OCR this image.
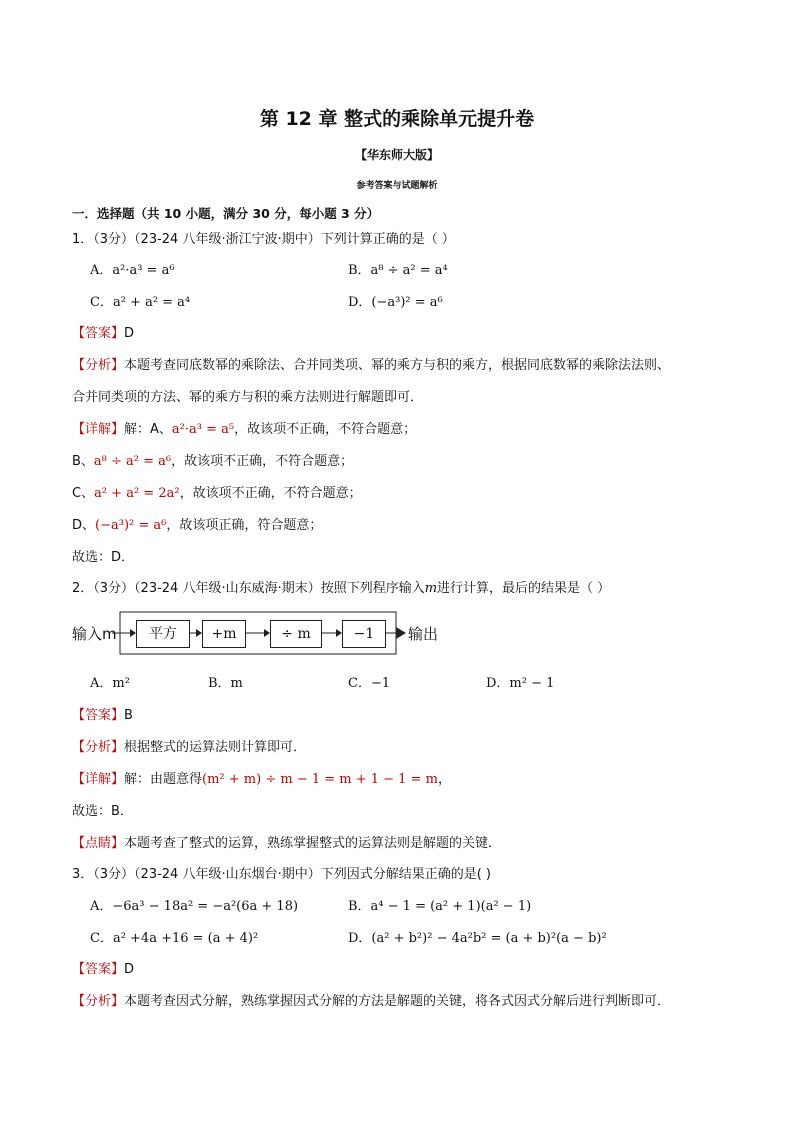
第 12 章 整式的乘除单元提升卷
【华东师大版】
参考答案与试题解析
一．选择题（共 10 小题，满分 30 分，每小题 3 分）
1．（3分）（23-24 八年级·浙江宁波·期中）下列计算正确的是（ ）
A．a²·a³ = a⁶	B．a⁸ ÷ a² = a⁴
C．a² + a² = a⁴	D．(−a³)² = a⁶
【答案】D
【分析】本题考查同底数幂的乘除法、合并同类项、幂的乘方与积的乘方，根据同底数幂的乘除法法则、
合并同类项的方法、幂的乘方与积的乘方法则进行解题即可．
【详解】解：A、a²·a³ = a⁵，故该项不正确，不符合题意；
B、a⁸ ÷ a² = a⁶，故该项不正确，不符合题意；
C、a² + a² = 2a²，故该项不正确，不符合题意；
D、(−a³)² = a⁶，故该项正确，符合题意；
故选：D．
2．（3分）（23-24 八年级·山东威海·期末）按照下列程序输入m进行计算，最后的结果是（ ）
输入m	平方	+m	÷ m	−1	输出
A．m²	B．m	C．−1	D．m² − 1
【答案】B
【分析】根据整式的运算法则计算即可．
【详解】解：由题意得(m² + m) ÷ m − 1 = m + 1 − 1 = m，
故选：B．
【点睛】本题考查了整式的运算，熟练掌握整式的运算法则是解题的关键．
3．（3分）（23-24 八年级·山东烟台·期中）下列因式分解结果正确的是( )
A．−6a³ − 18a² = −a²(6a + 18)	B．a⁴ − 1 = (a² + 1)(a² − 1)
C．a² +4a +16 = (a + 4)²	D．(a² + b²)² − 4a²b² = (a + b)²(a − b)²
【答案】D
【分析】本题考查因式分解，熟练掌握因式分解的方法是解题的关键，将各式因式分解后进行判断即可．
